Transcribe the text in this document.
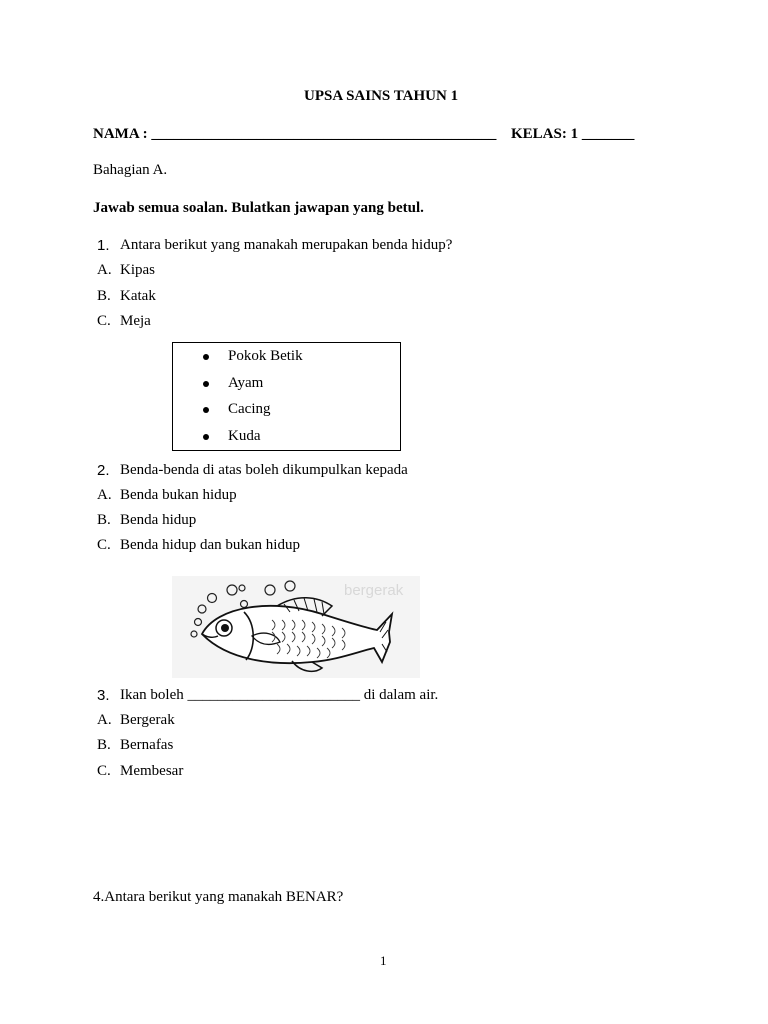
UPSA SAINS TAHUN 1
NAMA : ______________________________________________ KELAS: 1 _______
Bahagian A.
Jawab semua soalan. Bulatkan jawapan yang betul.
1. Antara berikut yang manakah merupakan benda hidup?
A. Kipas
B. Katak
C. Meja
Pokok Betik
Ayam
Cacing
Kuda
2. Benda-benda di atas boleh dikumpulkan kepada
A. Benda bukan hidup
B. Benda hidup
C. Benda hidup dan bukan hidup
bergerak
3. Ikan boleh _______________________ di dalam air.
A. Bergerak
B. Bernafas
C. Membesar
4.Antara berikut yang manakah BENAR?
1
